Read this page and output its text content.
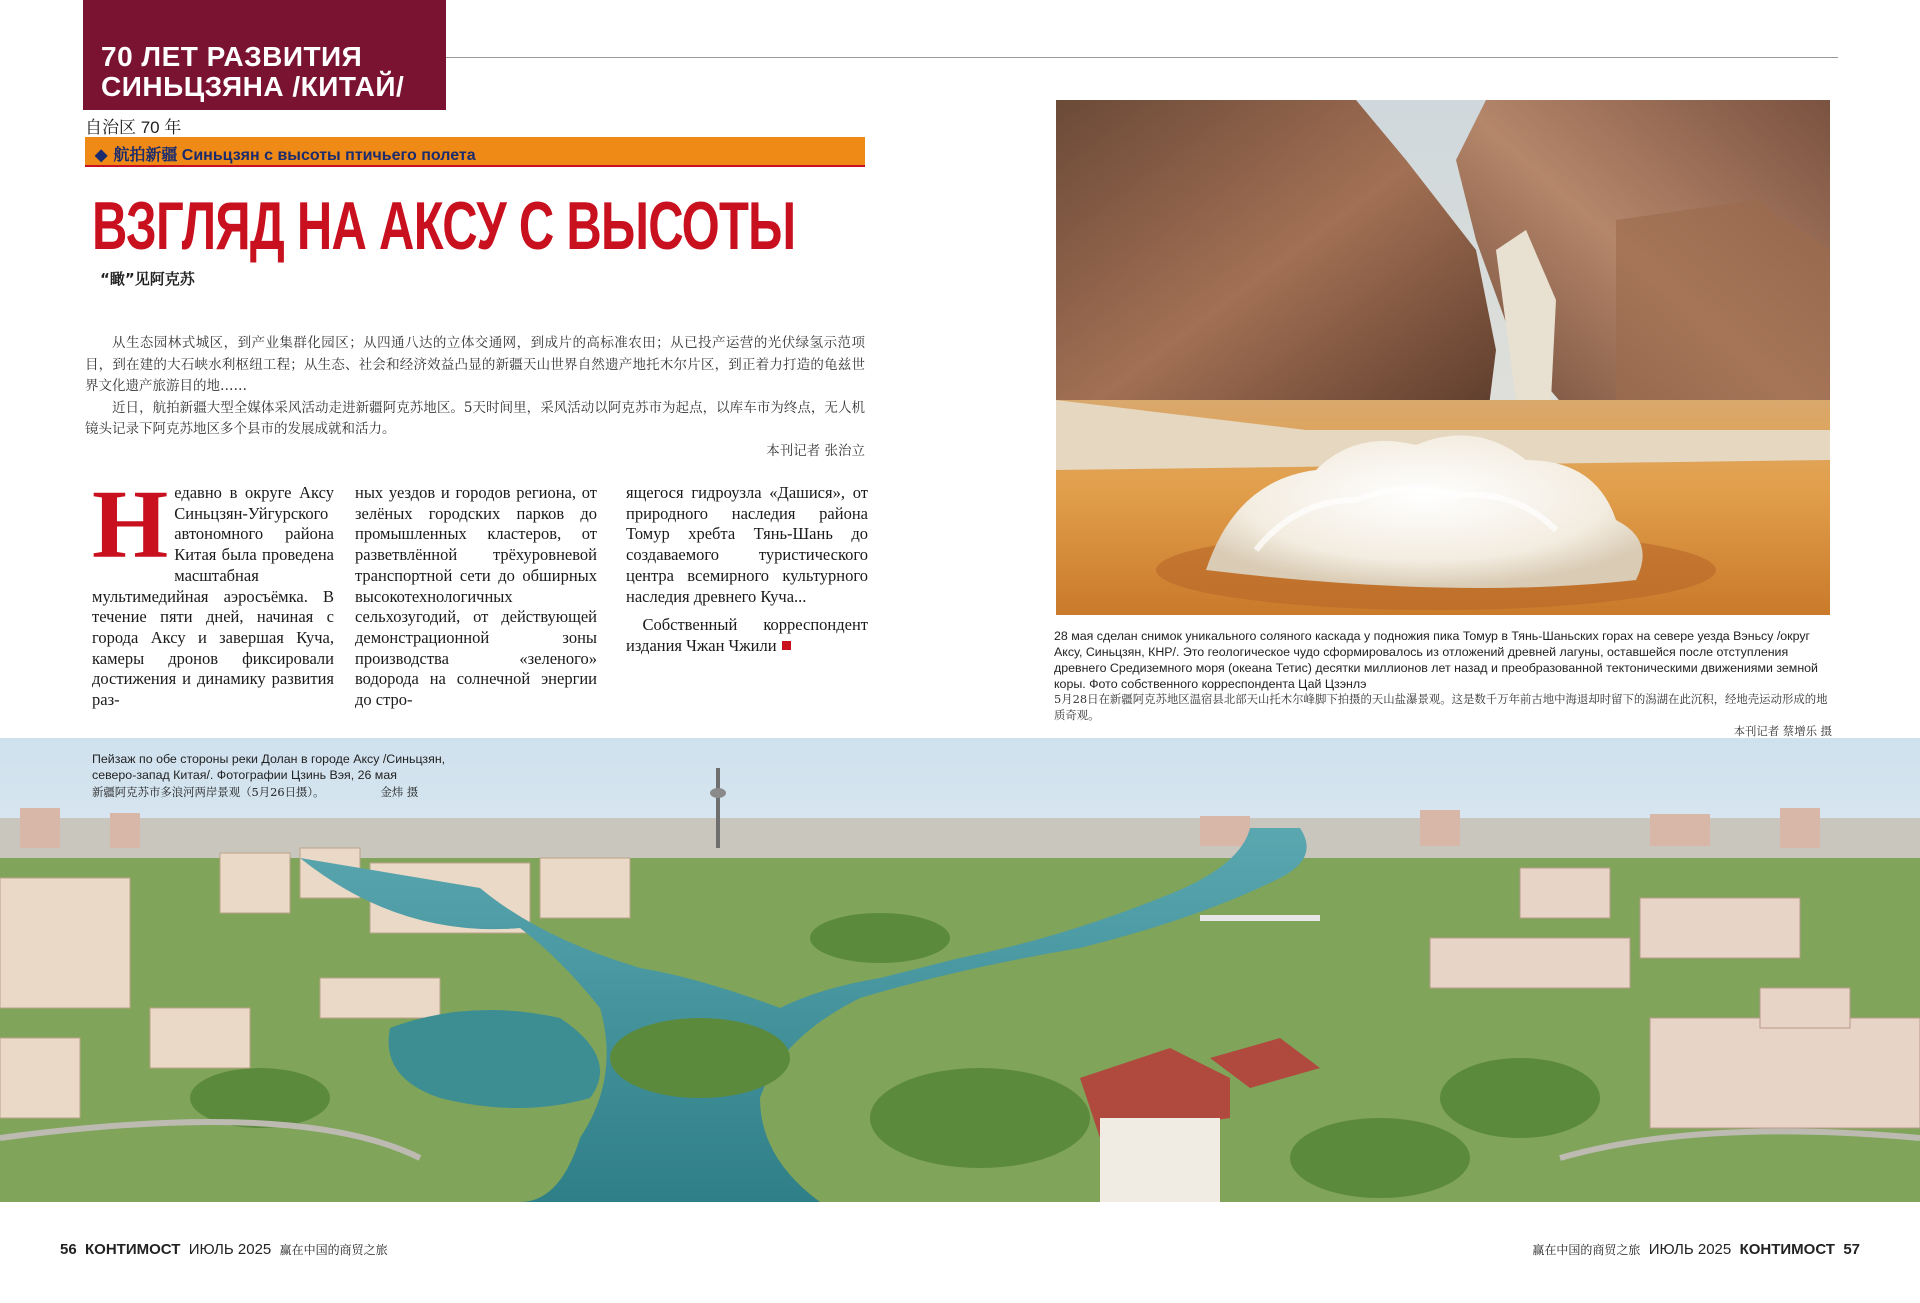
70 ЛЕТ РАЗВИТИЯ
СИНЬЦЗЯНА /КИТАЙ/
自治区 70 年
◆ 航拍新疆 Синьцзян с высоты птичьего полета
ВЗГЛЯД НА АКСУ С ВЫСОТЫ
“瞰”见阿克苏

从生态园林式城区，到产业集群化园区；从四通八达的立体交通网，到成片的高标准农田；从已投产运营的光伏绿氢示范项目，到在建的大石峡水利枢纽工程；从生态、社会和经济效益凸显的新疆天山世界自然遗产地托木尔片区，到正着力打造的龟兹世界文化遗产旅游目的地……

近日，航拍新疆大型全媒体采风活动走进新疆阿克苏地区。5天时间里，采风活动以阿克苏市为起点，以库车市为终点，无人机镜头记录下阿克苏地区多个县市的发展成就和活力。

本刊记者 张治立

Н едавно в округе Аксу Синьцзян-Уйгурского автономного района Китая была проведена масштабная мультимедийная аэросъёмка. В течение пяти дней, начиная с города Аксу и завершая Куча, камеры дронов фиксировали достижения и динамику развития раз-

ных уездов и городов региона, от зелёных городских парков до промышленных кластеров, от разветвлённой трёхуровневой транспортной сети до обширных высокотехнологичных сельхозугодий, от действующей демонстрационной зоны производства «зеленого» водорода на солнечной энергии до стро-

ящегося гидроузла «Дашися», от природного наследия района Томур хребта Тянь-Шань до создаваемого туристического центра всемирного культурного наследия древнего Куча...

Собственный корреспондент издания Чжан Чжили	28 мая сделан снимок уникального соляного каскада у подножия пика Томур в Тянь-Шаньских горах на севере уезда Вэньсу /округ Аксу, Синьцзян, КНР/. Это геологическое чудо сформировалось из отложений древней лагуны, оставшейся после отступления древнего Средиземного моря (океана Тетис) десятки миллионов лет назад и преобразованной тектоническими движениями земной коры. Фото собственного корреспондента Цай Цзэнлэ
5月28日在新疆阿克苏地区温宿县北部天山托木尔峰脚下拍摄的天山盐瀑景观。这是数千万年前古地中海退却时留下的潟湖在此沉积，经地壳运动形成的地质奇观。
本刊记者 蔡增乐 摄
Пейзаж по обе стороны реки Долан в городе Аксу /Синьцзян, северо-запад Китая/. Фотографии Цзинь Вэя, 26 мая
新疆阿克苏市多浪河两岸景观（5月26日摄）。	金炜 摄
56 КОНТИМОСТ ИЮЛЬ 2025 赢在中国的商贸之旅	赢在中国的商贸之旅 ИЮЛЬ 2025 КОНТИМОСТ 57
